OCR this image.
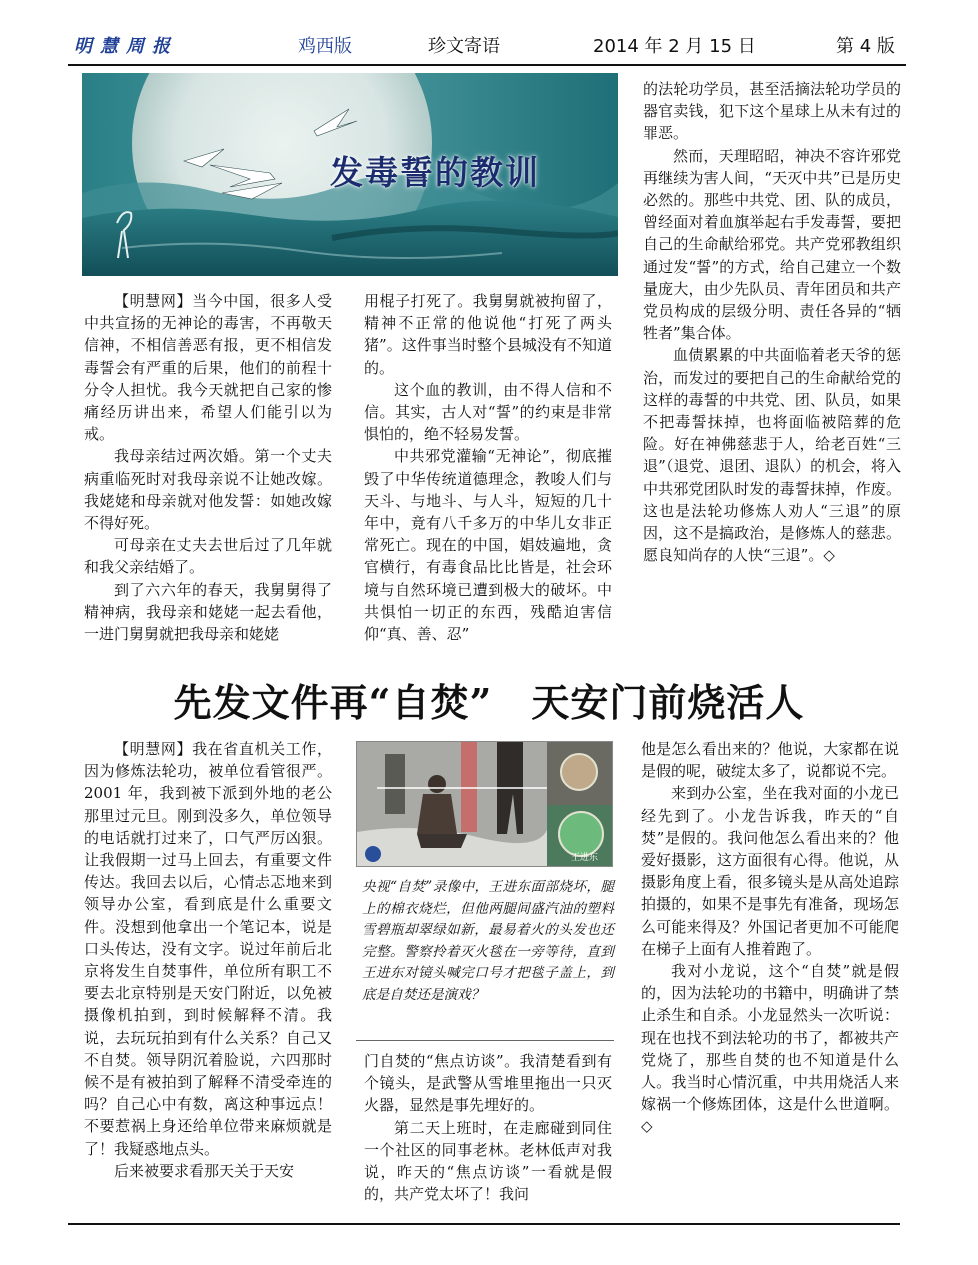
明慧周报	鸡西版	珍文寄语	2014 年 2 月 15 日	第 4 版
发毒誓的教训

【明慧网】当今中国，很多人受中共宣扬的无神论的毒害，不再敬天信神，不相信善恶有报，更不相信发毒誓会有严重的后果，他们的前程十分令人担忧。我今天就把自己家的惨痛经历讲出来，希望人们能引以为戒。

我母亲结过两次婚。第一个丈夫病重临死时对我母亲说不让她改嫁。我姥姥和母亲就对他发誓：如她改嫁不得好死。

可母亲在丈夫去世后过了几年就和我父亲结婚了。

到了六六年的春天，我舅舅得了精神病，我母亲和姥姥一起去看他，一进门舅舅就把我母亲和姥姥

用棍子打死了。我舅舅就被拘留了，精神不正常的他说他“打死了两头猪”。这件事当时整个县城没有不知道的。

这个血的教训，由不得人信和不信。其实，古人对“誓”的约束是非常惧怕的，绝不轻易发誓。

中共邪党灌输“无神论”，彻底摧毁了中华传统道德理念，教唆人们与天斗、与地斗、与人斗，短短的几十年中，竟有八千多万的中华儿女非正常死亡。现在的中国，娼妓遍地，贪官横行，有毒食品比比皆是，社会环境与自然环境已遭到极大的破坏。中共惧怕一切正的东西，残酷迫害信仰“真、善、忍”

的法轮功学员，甚至活摘法轮功学员的器官卖钱，犯下这个星球上从未有过的罪恶。

然而，天理昭昭，神决不容许邪党再继续为害人间，“天灭中共”已是历史必然的。那些中共党、团、队的成员，曾经面对着血旗举起右手发毒誓，要把自己的生命献给邪党。共产党邪教组织通过发“誓”的方式，给自己建立一个数量庞大，由少先队员、青年团员和共产党员构成的层级分明、责任各异的“牺牲者”集合体。

血债累累的中共面临着老天爷的惩治，而发过的要把自己的生命献给党的这样的毒誓的中共党、团、队员，如果不把毒誓抹掉，也将面临被陪葬的危险。好在神佛慈悲于人，给老百姓“三退”（退党、退团、退队）的机会，将入中共邪党团队时发的毒誓抹掉，作废。这也是法轮功修炼人劝人“三退”的原因，这不是搞政治，是修炼人的慈悲。愿良知尚存的人快“三退”。◇

先发文件再“自焚”　天安门前烧活人

【明慧网】我在省直机关工作，因为修炼法轮功，被单位看管很严。2001 年，我到被下派到外地的老公那里过元旦。刚到没多久，单位领导的电话就打过来了，口气严厉凶狠。让我假期一过马上回去，有重要文件传达。我回去以后，心情忐忑地来到领导办公室，看到底是什么重要文件。没想到他拿出一个笔记本，说是口头传达，没有文字。说过年前后北京将发生自焚事件，单位所有职工不要去北京特别是天安门附近，以免被摄像机拍到，到时候解释不清。我说，去玩玩拍到有什么关系？自己又不自焚。领导阴沉着脸说，六四那时候不是有被拍到了解释不清受牵连的吗？自己心中有数，离这种事远点！不要惹祸上身还给单位带来麻烦就是了！我疑惑地点头。

后来被要求看那天关于天安

王进东
央视“自焚”录像中，王进东面部烧坏，腿上的棉衣烧烂，但他两腿间盛汽油的塑料雪碧瓶却翠绿如新，最易着火的头发也还完整。警察拎着灭火毯在一旁等待，直到王进东对镜头喊完口号才把毯子盖上，到底是自焚还是演戏？

门自焚的“焦点访谈”。我清楚看到有个镜头，是武警从雪堆里拖出一只灭火器，显然是事先埋好的。

第二天上班时，在走廊碰到同住一个社区的同事老林。老林低声对我说，昨天的“焦点访谈”一看就是假的，共产党太坏了！我问

他是怎么看出来的？他说，大家都在说是假的呢，破绽太多了，说都说不完。

来到办公室，坐在我对面的小龙已经先到了。小龙告诉我，昨天的“自焚”是假的。我问他怎么看出来的？他爱好摄影，这方面很有心得。他说，从摄影角度上看，很多镜头是从高处追踪拍摄的，如果不是事先有准备，现场怎么可能来得及？外国记者更加不可能爬在梯子上面有人推着跑了。

我对小龙说，这个“自焚”就是假的，因为法轮功的书籍中，明确讲了禁止杀生和自杀。小龙显然头一次听说：现在也找不到法轮功的书了，都被共产党烧了，那些自焚的也不知道是什么人。我当时心情沉重，中共用烧活人来嫁祸一个修炼团体，这是什么世道啊。◇
